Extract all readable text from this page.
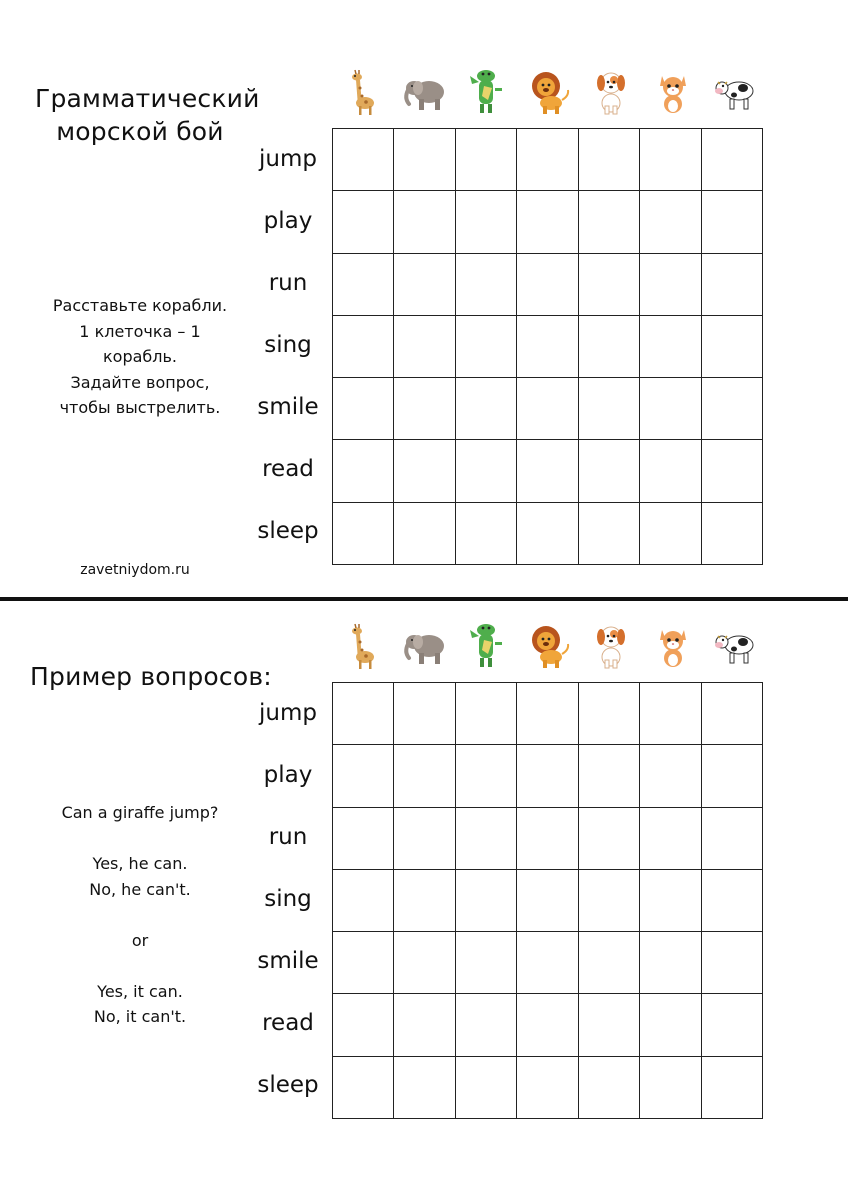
Грамматический
морской бой
Расставьте корабли.
1 клеточка – 1 корабль.
Задайте вопрос,
чтобы выстрелить.
zavetniydom.ru
jump
play
run
sing
smile
read
sleep
Пример вопросов:
Can a giraffe jump?

Yes, he can.
No, he can't.

or

Yes, it can.
No, it can't.
jump
play
run
sing
smile
read
sleep
